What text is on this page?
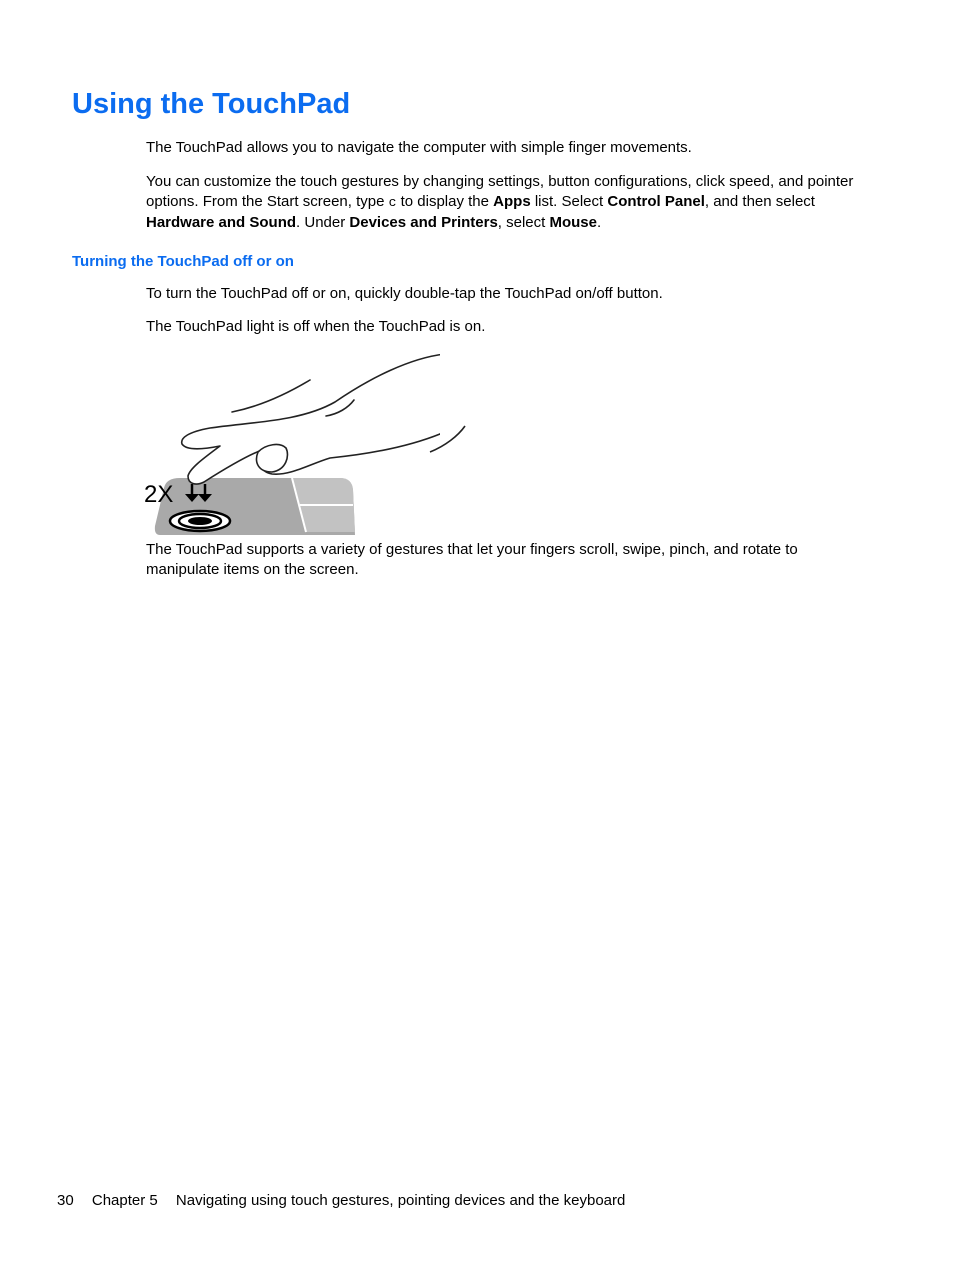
Using the TouchPad

The TouchPad allows you to navigate the computer with simple finger movements.

You can customize the touch gestures by changing settings, button configurations, click speed, and pointer options. From the Start screen, type c to display the Apps list. Select Control Panel, and then select Hardware and Sound. Under Devices and Printers, select Mouse.

Turning the TouchPad off or on

To turn the TouchPad off or on, quickly double-tap the TouchPad on/off button.

The TouchPad light is off when the TouchPad is on.

2X

The TouchPad supports a variety of gestures that let your fingers scroll, swipe, pinch, and rotate to manipulate items on the screen.

30 Chapter 5 Navigating using touch gestures, pointing devices and the keyboard
